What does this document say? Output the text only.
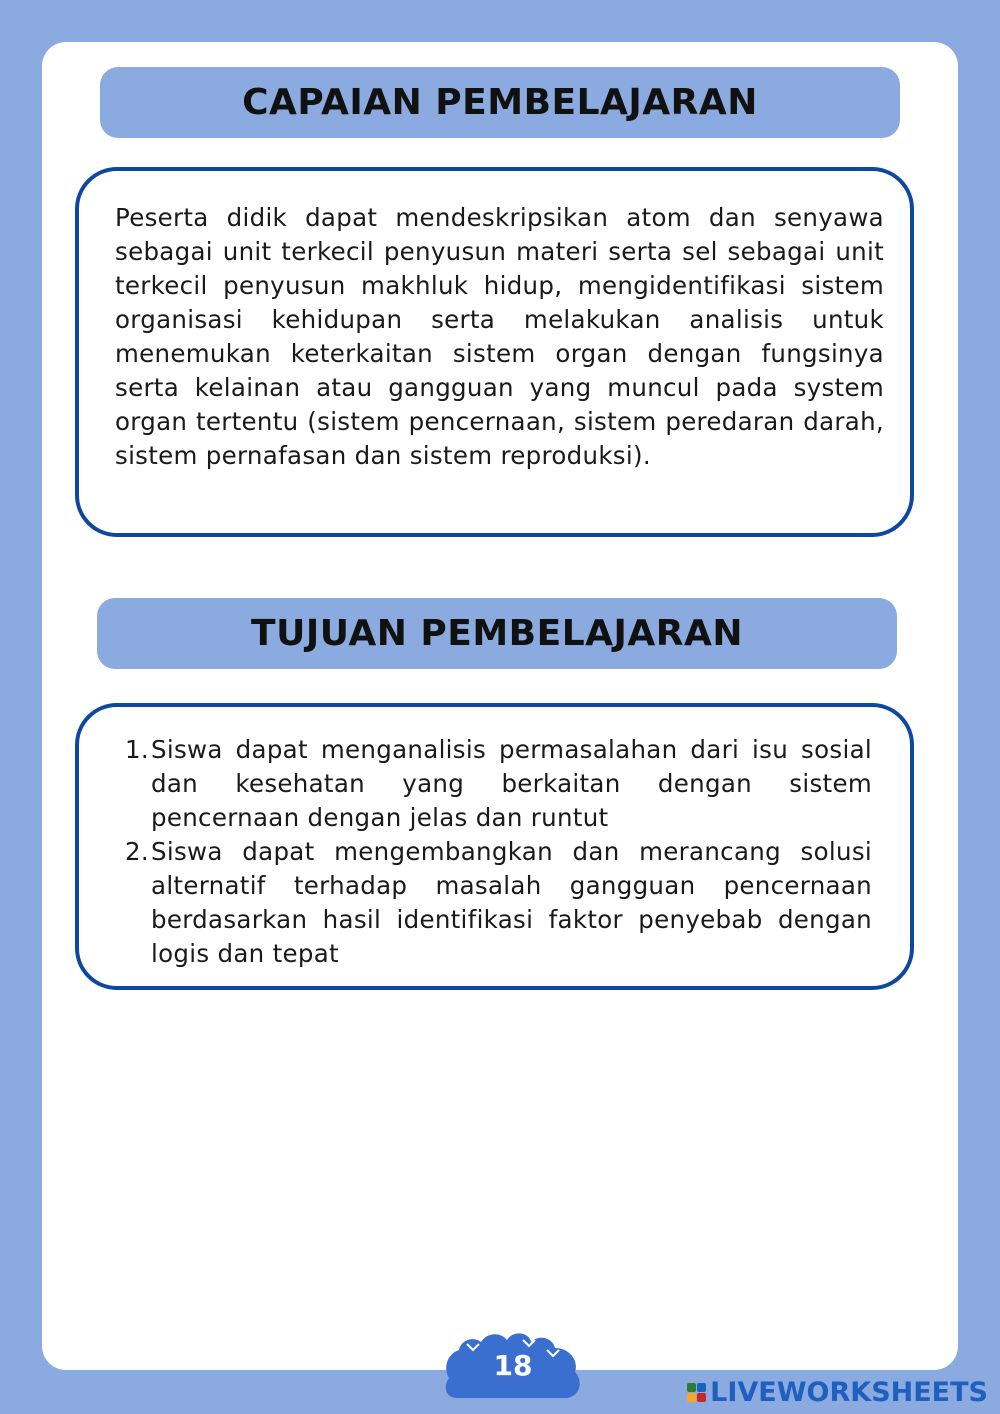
CAPAIAN PEMBELAJARAN

Peserta didik dapat mendeskripsikan atom dan senyawa sebagai unit terkecil penyusun materi serta sel sebagai unit terkecil penyusun makhluk hidup, mengidentifikasi sistem organisasi kehidupan serta melakukan analisis untuk menemukan keterkaitan sistem organ dengan fungsinya serta kelainan atau gangguan yang muncul pada system organ tertentu (sistem pencernaan, sistem peredaran darah, sistem pernafasan dan sistem reproduksi).

TUJUAN PEMBELAJARAN
1. Siswa dapat menganalisis permasalahan dari isu sosial dan kesehatan yang berkaitan dengan sistem pencernaan dengan jelas dan runtut
2. Siswa dapat mengembangkan dan merancang solusi alternatif terhadap masalah gangguan pencernaan berdasarkan hasil identifikasi faktor penyebab dengan logis dan tepat
18
LIVEWORKSHEETS
